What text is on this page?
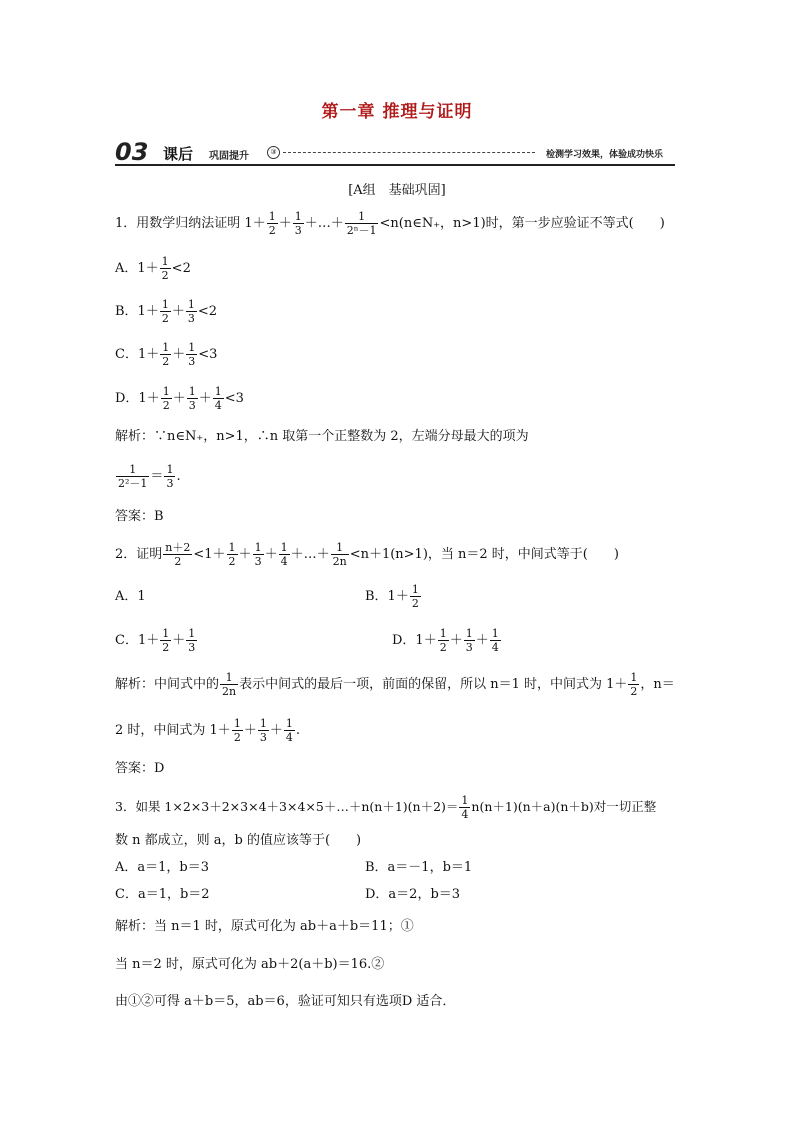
第一章 推理与证明
03 课后 巩固提升	③	检测学习效果，体验成功快乐
[A组　基础巩固]
1．用数学归纳法证明 $1+ \frac{1}{2} + \frac{1}{3}$ ＋…＋ $\frac{1}{\text{2ⁿ－1}}$ <n(n∈N₊，n>1)时，第一步应验证不等式(　　)
A．$1+ \frac{1}{2} <2$
B．$1+ \frac{1}{2} + \frac{1}{3} <2$
C．$1+ \frac{1}{2} + \frac{1}{3} <3$
D．$1+ \frac{1}{2} + \frac{1}{3} + \frac{1}{4} <3$
解析：∵n∈N₊，n>1，∴n 取第一个正整数为 2，左端分母最大的项为
$\frac{1}{\text{2²－1}} = \frac{1}{3}$ .
答案：B
2．证明 $\frac{n+2}{2} <1+ \frac{1}{2} + \frac{1}{3} + \frac{1}{4}$ ＋…＋ $\frac{1}{2n} <n+1(n>1)$，当 n＝2 时，中间式等于(　　)
A．1	B．$1+ \frac{1}{2}$
C．$1+ \frac{1}{2} + \frac{1}{3}$	D．$1+ \frac{1}{2} + \frac{1}{3} + \frac{1}{4}$
解析：中间式中的 $\frac{1}{2n}$ 表示中间式的最后一项，前面的保留，所以 n＝1 时，中间式为 $1+ \frac{1}{2}$ ，n＝
2 时，中间式为 $1+ \frac{1}{2} + \frac{1}{3} + \frac{1}{4}$ .
答案：D
3．如果 1×2×3＋2×3×4＋3×4×5＋…＋n(n＋1)(n＋2)＝ $\frac{1}{4} n(n+1)(n+a)(n+b)$对一切正整
数 n 都成立，则 a，b 的值应该等于(　　)
A．a＝1，b＝3	B．a＝－1，b＝1
C．a＝1，b＝2	D．a＝2，b＝3
解析：当 n＝1 时，原式可化为 ab＋a＋b＝11；①
当 n＝2 时，原式可化为 ab＋2(a＋b)＝16.②
由①②可得 a＋b＝5，ab＝6，验证可知只有选项D 适合．
